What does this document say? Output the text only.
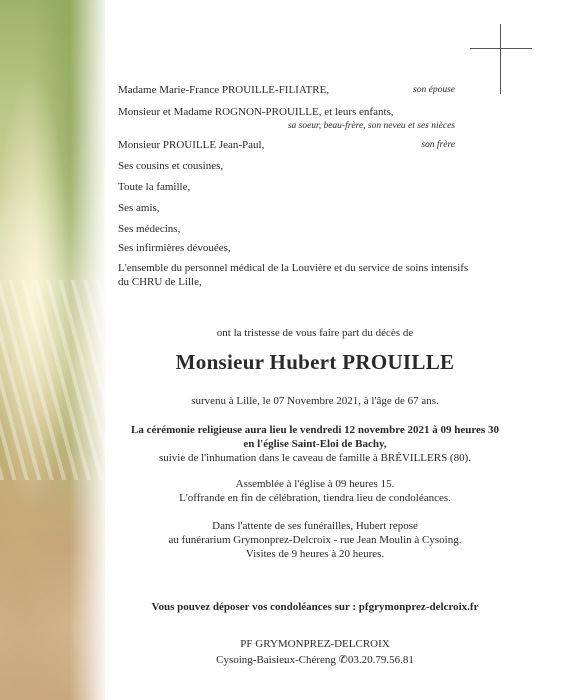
Madame Marie-France PROUILLE-FILIATRE,	son épouse
Monsieur et Madame ROGNON-PROUILLE, et leurs enfants,
sa soeur, beau-frère, son neveu et ses nièces
Monsieur PROUILLE Jean-Paul,	son frère
Ses cousins et cousines,
Toute la famille,
Ses amis,
Ses médecins,
Ses infirmières dévouées,
L'ensemble du personnel médical de la Louvière et du service de soins intensifs
du CHRU de Lille,
ont la tristesse de vous faire part du décès de
Monsieur Hubert PROUILLE
survenu à Lille, le 07 Novembre 2021, à l'âge de 67 ans.
La cérémonie religieuse aura lieu le vendredi 12 novembre 2021 à 09 heures 30
en l'église Saint-Eloi de Bachy,
suivie de l'inhumation dans le caveau de famille à BRÉVILLERS (80).
Assemblée à l'église à 09 heures 15.
L'offrande en fin de célébration, tiendra lieu de condoléances.
Dans l'attente de ses funérailles, Hubert repose
au funérarium Grymonprez-Delcroix - rue Jean Moulin à Cysoing.
Visites de 9 heures à 20 heures.
Vous pouvez déposer vos condoléances sur : pfgrymonprez-delcroix.fr
PF GRYMONPREZ-DELCROIX
Cysoing-Baisieux-Chéreng ✆03.20.79.56.81
